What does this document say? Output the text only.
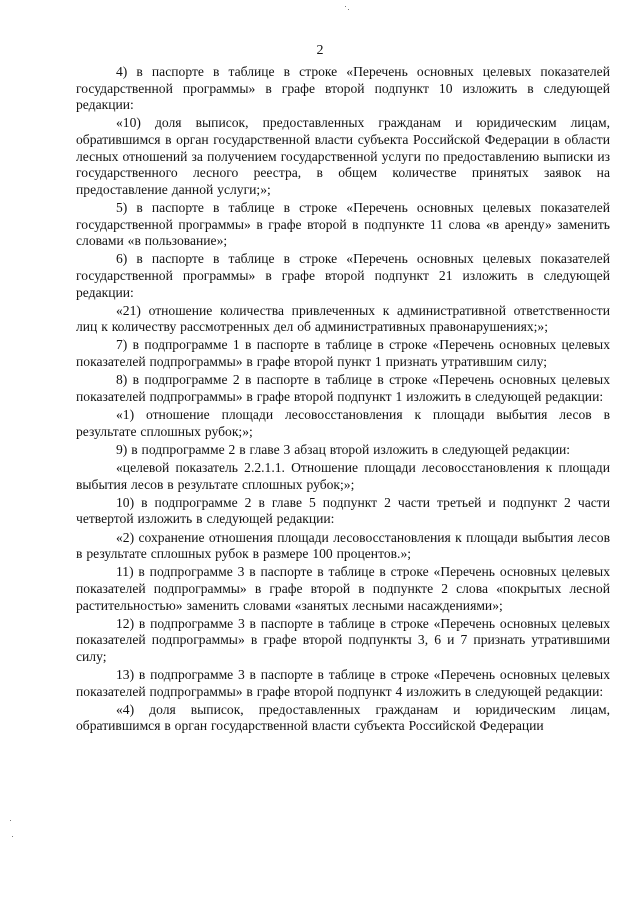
2

4) в паспорте в таблице в строке «Перечень основных целевых показателей государственной программы» в графе второй подпункт 10 изложить в следующей редакции:

«10) доля выписок, предоставленных гражданам и юридическим лицам, обратившимся в орган государственной власти субъекта Российской Федерации в области лесных отношений за получением государственной услуги по предоставлению выписки из государственного лесного реестра, в общем количестве принятых заявок на предоставление данной услуги;»;

5) в паспорте в таблице в строке «Перечень основных целевых показателей государственной программы» в графе второй в подпункте 11 слова «в аренду» заменить словами «в пользование»;

6) в паспорте в таблице в строке «Перечень основных целевых показателей государственной программы» в графе второй подпункт 21 изложить в следующей редакции:

«21) отношение количества привлеченных к административной ответственности лиц к количеству рассмотренных дел об административных правонарушениях;»;

7) в подпрограмме 1 в паспорте в таблице в строке «Перечень основных целевых показателей подпрограммы» в графе второй пункт 1 признать утратившим силу;

8) в подпрограмме 2 в паспорте в таблице в строке «Перечень основных целевых показателей подпрограммы» в графе второй подпункт 1 изложить в следующей редакции:

«1) отношение площади лесовосстановления к площади выбытия лесов в результате сплошных рубок;»;

9) в подпрограмме 2 в главе 3 абзац второй изложить в следующей редакции:

«целевой показатель 2.2.1.1. Отношение площади лесовосстановления к площади выбытия лесов в результате сплошных рубок;»;

10) в подпрограмме 2 в главе 5 подпункт 2 части третьей и подпункт 2 части четвертой изложить в следующей редакции:

«2) сохранение отношения площади лесовосстановления к площади выбытия лесов в результате сплошных рубок в размере 100 процентов.»;

11) в подпрограмме 3 в паспорте в таблице в строке «Перечень основных целевых показателей подпрограммы» в графе второй в подпункте 2 слова «покрытых лесной растительностью» заменить словами «занятых лесными насаждениями»;

12) в подпрограмме 3 в паспорте в таблице в строке «Перечень основных целевых показателей подпрограммы» в графе второй подпункты 3, 6 и 7 признать утратившими силу;

13) в подпрограмме 3 в паспорте в таблице в строке «Перечень основных целевых показателей подпрограммы» в графе второй подпункт 4 изложить в следующей редакции:

«4) доля выписок, предоставленных гражданам и юридическим лицам, обратившимся в орган государственной власти субъекта Российской Федерации
